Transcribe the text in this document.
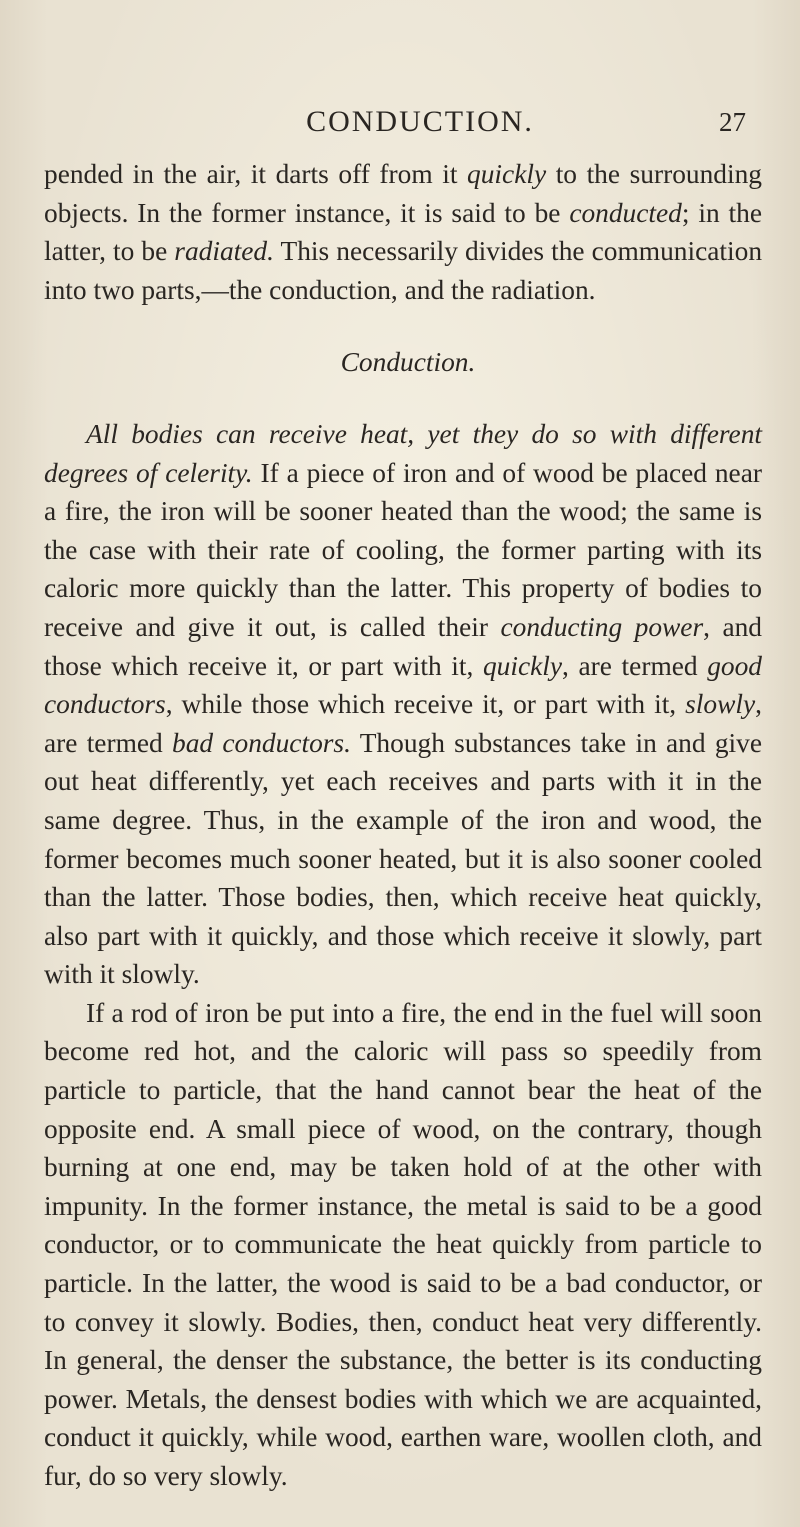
CONDUCTION.	27

pended in the air, it darts off from it quickly to the surrounding objects. In the former instance, it is said to be conducted; in the latter, to be radiated. This necessarily divides the communication into two parts,—the conduction, and the radiation.

Conduction.

All bodies can receive heat, yet they do so with different degrees of celerity. If a piece of iron and of wood be placed near a fire, the iron will be sooner heated than the wood; the same is the case with their rate of cooling, the former parting with its caloric more quickly than the latter. This property of bodies to receive and give it out, is called their conducting power, and those which receive it, or part with it, quickly, are termed good conductors, while those which receive it, or part with it, slowly, are termed bad conductors. Though substances take in and give out heat differently, yet each receives and parts with it in the same degree. Thus, in the example of the iron and wood, the former becomes much sooner heated, but it is also sooner cooled than the latter. Those bodies, then, which receive heat quickly, also part with it quickly, and those which receive it slowly, part with it slowly.

If a rod of iron be put into a fire, the end in the fuel will soon become red hot, and the caloric will pass so speedily from particle to particle, that the hand cannot bear the heat of the opposite end. A small piece of wood, on the contrary, though burning at one end, may be taken hold of at the other with impunity. In the former instance, the metal is said to be a good conductor, or to communicate the heat quickly from particle to particle. In the latter, the wood is said to be a bad conductor, or to convey it slowly. Bodies, then, conduct heat very differently. In general, the denser the substance, the better is its conducting power. Metals, the densest bodies with which we are acquainted, conduct it quickly, while wood, earthen ware, woollen cloth, and fur, do so very slowly.
